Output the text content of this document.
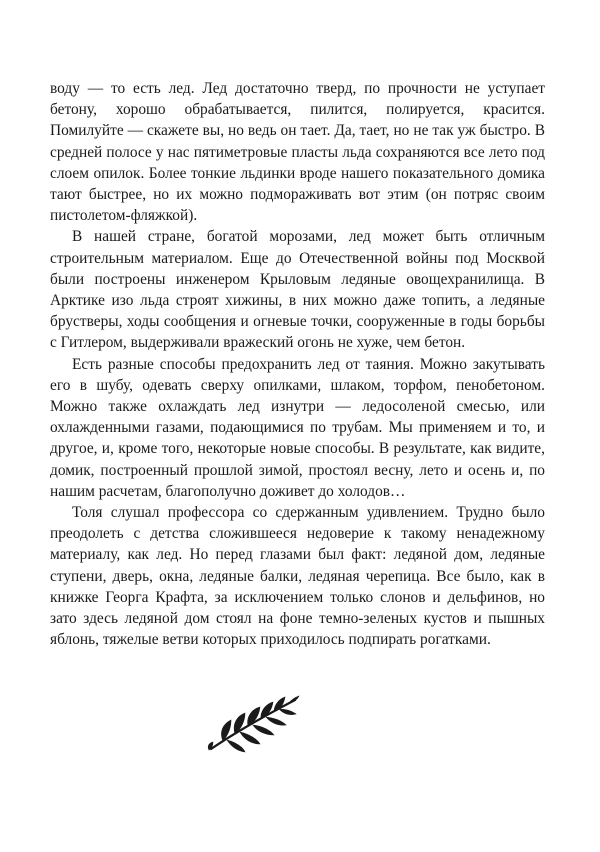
воду — то есть лед. Лед достаточно тверд, по прочности не уступает бетону, хорошо обрабатывается, пилится, полируется, красится. Помилуйте — скажете вы, но ведь он тает. Да, тает, но не так уж быстро. В средней полосе у нас пятиметровые пласты льда сохраняются все лето под слоем опилок. Более тонкие льдинки вроде нашего показательного домика тают быстрее, но их можно подмораживать вот этим (он потряс своим пистолетом-фляжкой).

В нашей стране, богатой морозами, лед может быть отличным строительным материалом. Еще до Отечественной войны под Москвой были построены инженером Крыловым ледяные овощехранилища. В Арктике изо льда строят хижины, в них можно даже топить, а ледяные брустверы, ходы сообщения и огневые точки, сооруженные в годы борьбы с Гитлером, выдерживали вражеский огонь не хуже, чем бетон.

Есть разные способы предохранить лед от таяния. Можно закутывать его в шубу, одевать сверху опилками, шлаком, торфом, пенобетоном. Можно также охлаждать лед изнутри — ледосоленой смесью, или охлажденными газами, подающимися по трубам. Мы применяем и то, и другое, и, кроме того, некоторые новые способы. В результате, как видите, домик, построенный прошлой зимой, простоял весну, лето и осень и, по нашим расчетам, благополучно доживет до холодов…

Толя слушал профессора со сдержанным удивлением. Трудно было преодолеть с детства сложившееся недоверие к такому ненадежному материалу, как лед. Но перед глазами был факт: ледяной дом, ледяные ступени, дверь, окна, ледяные балки, ледяная черепица. Все было, как в книжке Георга Крафта, за исключением только слонов и дельфинов, но зато здесь ледяной дом стоял на фоне темно-зеленых кустов и пышных яблонь, тяжелые ветви которых приходилось подпирать рогатками.
